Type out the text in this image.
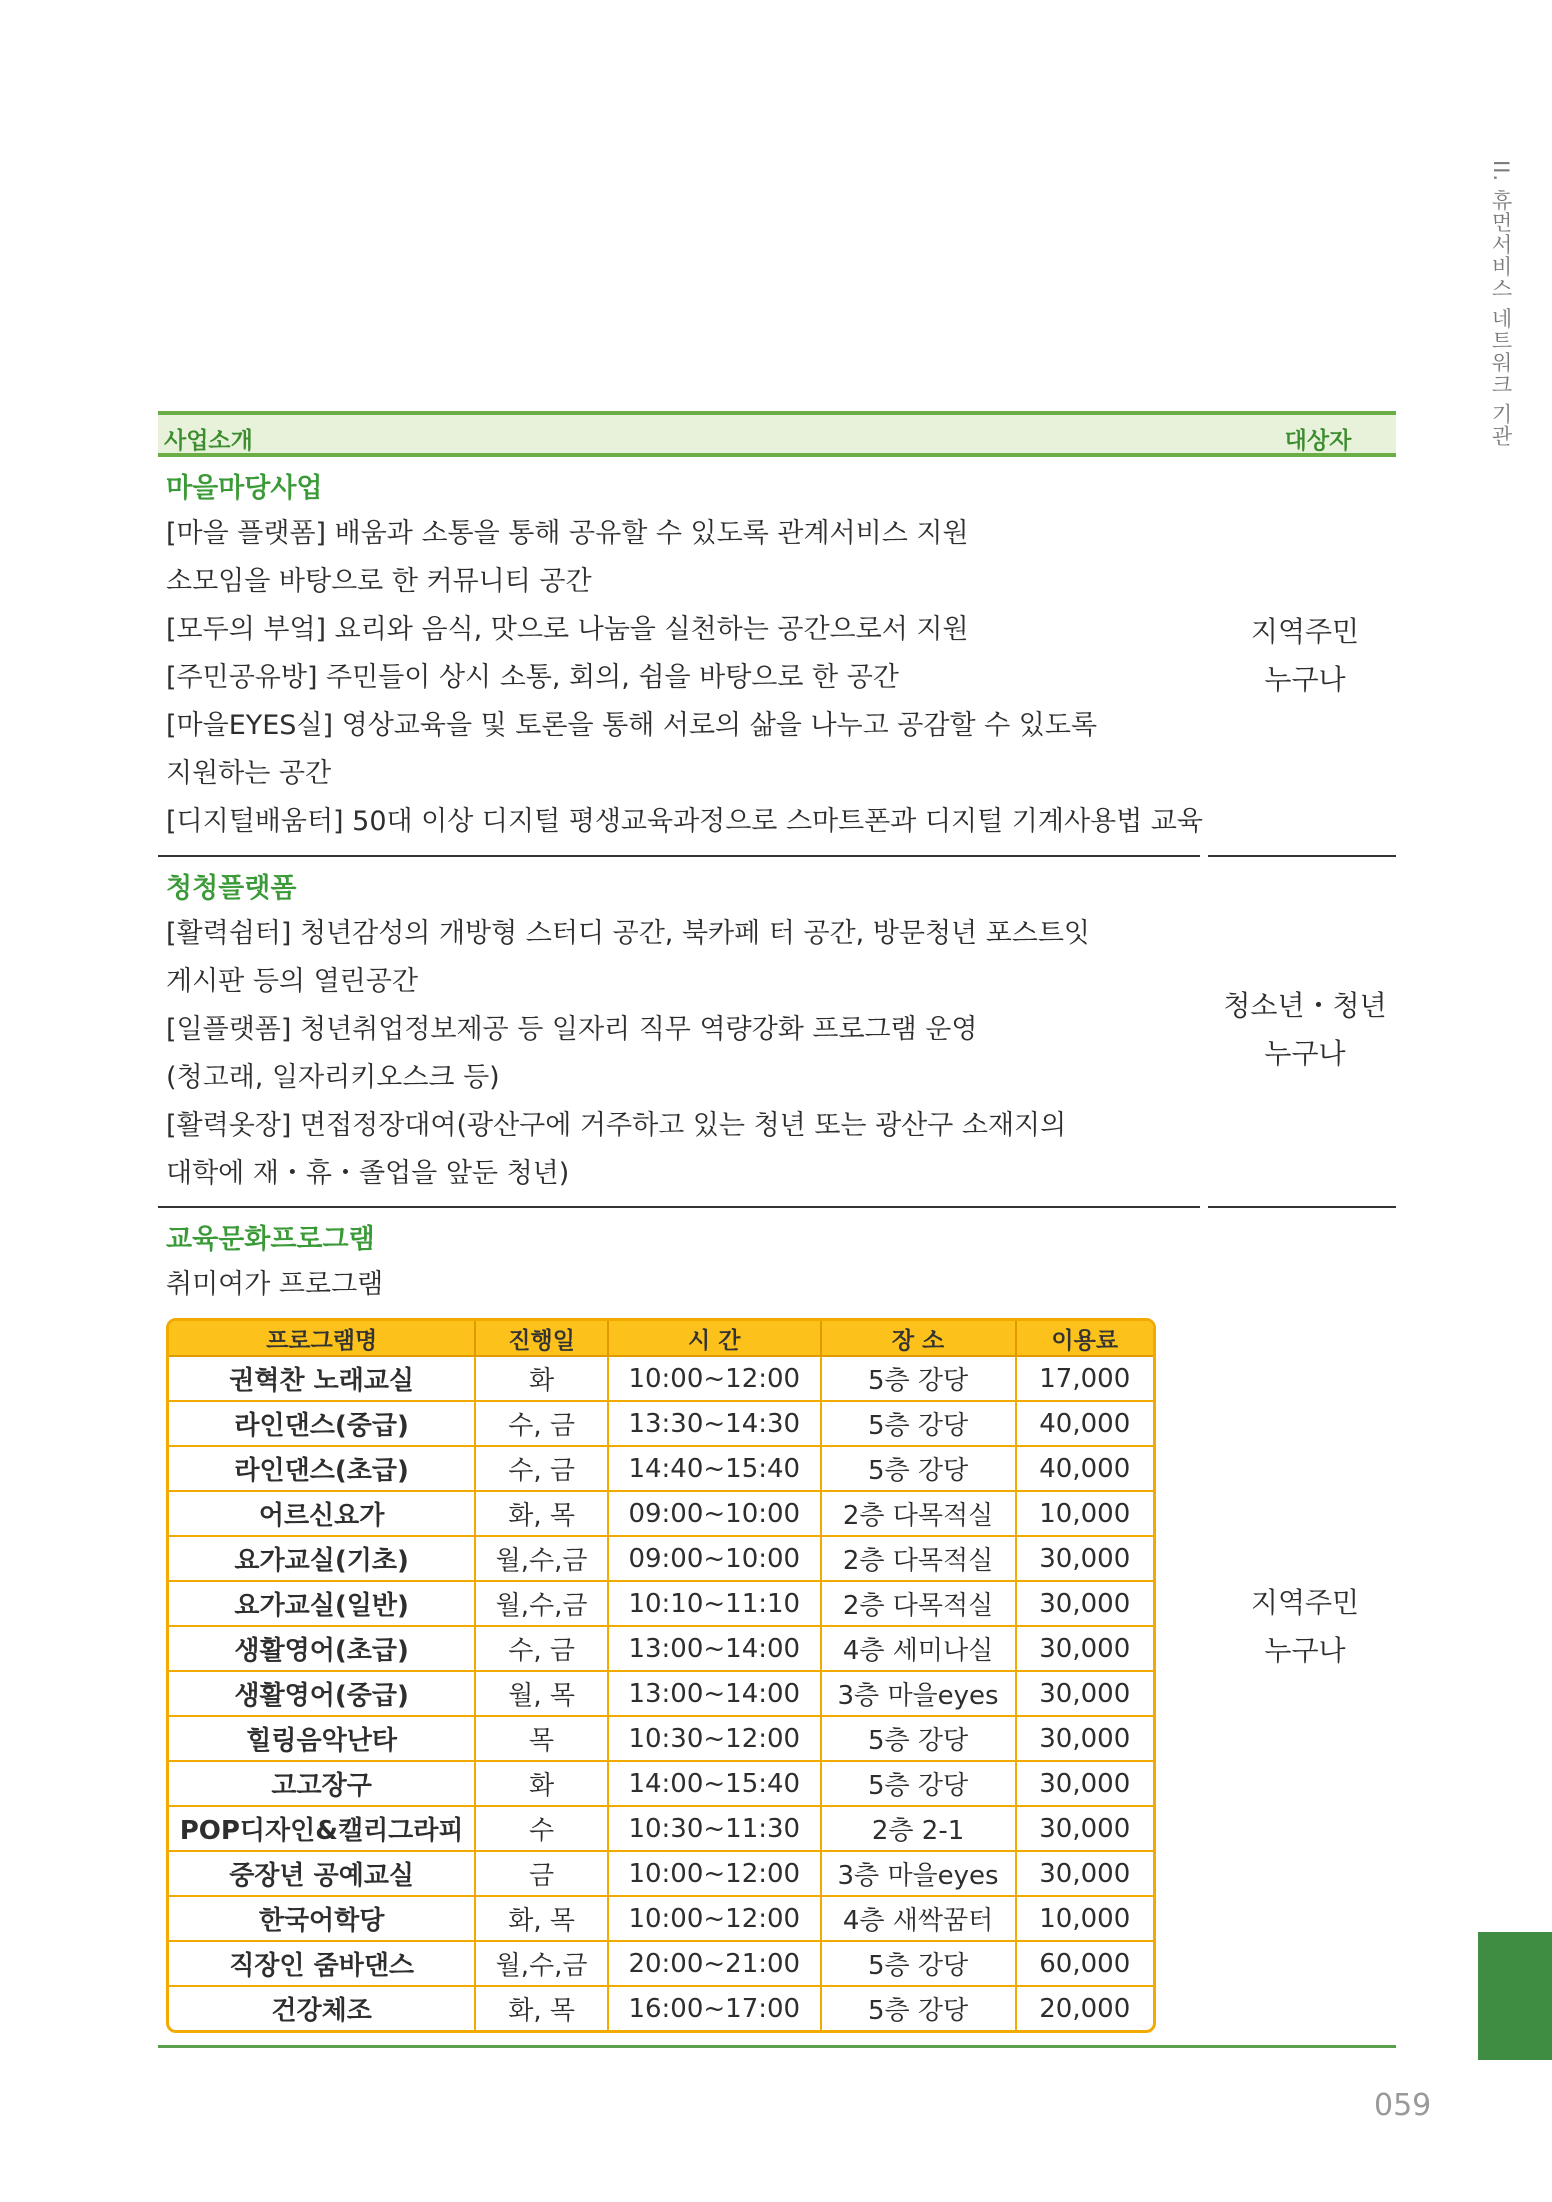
II. 휴먼서비스 네트워크 기관
059
사업소개	대상자
마을마당사업
[마을 플랫폼] 배움과 소통을 통해 공유할 수 있도록 관계서비스 지원
소모임을 바탕으로 한 커뮤니티 공간
[모두의 부엌] 요리와 음식, 맛으로 나눔을 실천하는 공간으로서 지원
[주민공유방] 주민들이 상시 소통, 회의, 쉼을 바탕으로 한 공간
[마을EYES실] 영상교육을 및 토론을 통해 서로의 삶을 나누고 공감할 수 있도록
지원하는 공간
[디지털배움터] 50대 이상 디지털 평생교육과정으로 스마트폰과 디지털 기계사용법 교육
지역주민
누구나
청청플랫폼
[활력쉼터] 청년감성의 개방형 스터디 공간, 북카페 터 공간, 방문청년 포스트잇
게시판 등의 열린공간
[일플랫폼] 청년취업정보제공 등 일자리 직무 역량강화 프로그램 운영
(청고래, 일자리키오스크 등)
[활력옷장] 면접정장대여(광산구에 거주하고 있는 청년 또는 광산구 소재지의
대학에 재・휴・졸업을 앞둔 청년)
청소년・청년
누구나
교육문화프로그램
취미여가 프로그램
지역주민
누구나
프로그램명	진행일	시 간	장 소	이용료
권혁찬 노래교실	화	10:00~12:00	5층 강당	17,000
라인댄스(중급)	수, 금	13:30~14:30	5층 강당	40,000
라인댄스(초급)	수, 금	14:40~15:40	5층 강당	40,000
어르신요가	화, 목	09:00~10:00	2층 다목적실	10,000
요가교실(기초)	월,수,금	09:00~10:00	2층 다목적실	30,000
요가교실(일반)	월,수,금	10:10~11:10	2층 다목적실	30,000
생활영어(초급)	수, 금	13:00~14:00	4층 세미나실	30,000
생활영어(중급)	월, 목	13:00~14:00	3층 마을eyes	30,000
힐링음악난타	목	10:30~12:00	5층 강당	30,000
고고장구	화	14:00~15:40	5층 강당	30,000
POP디자인&캘리그라피	수	10:30~11:30	2층 2-1	30,000
중장년 공예교실	금	10:00~12:00	3층 마을eyes	30,000
한국어학당	화, 목	10:00~12:00	4층 새싹꿈터	10,000
직장인 줌바댄스	월,수,금	20:00~21:00	5층 강당	60,000
건강체조	화, 목	16:00~17:00	5층 강당	20,000
